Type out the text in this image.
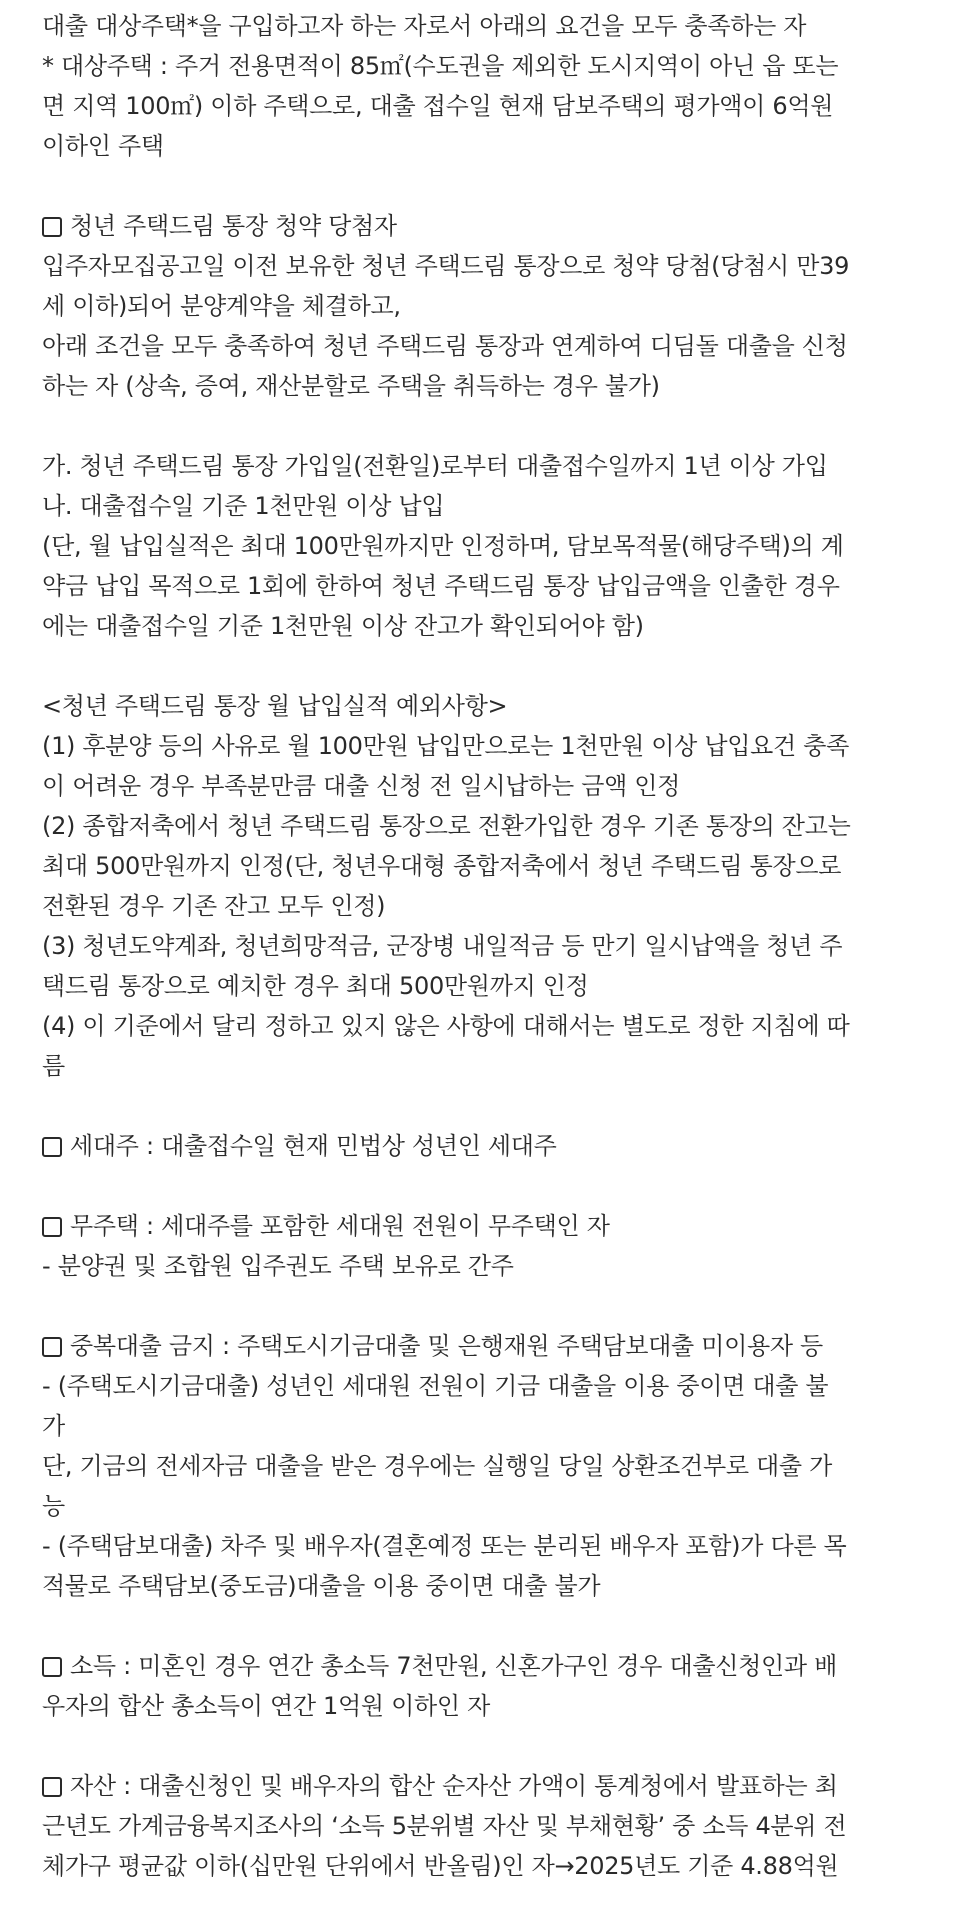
대출 대상주택*을 구입하고자 하는 자로서 아래의 요건을 모두 충족하는 자
* 대상주택 : 주거 전용면적이 85㎡(수도권을 제외한 도시지역이 아닌 읍 또는
면 지역 100㎡) 이하 주택으로, 대출 접수일 현재 담보주택의 평가액이 6억원
이하인 주택
청년 주택드림 통장 청약 당첨자
입주자모집공고일 이전 보유한 청년 주택드림 통장으로 청약 당첨(당첨시 만39
세 이하)되어 분양계약을 체결하고,
아래 조건을 모두 충족하여 청년 주택드림 통장과 연계하여 디딤돌 대출을 신청
하는 자 (상속, 증여, 재산분할로 주택을 취득하는 경우 불가)
가. 청년 주택드림 통장 가입일(전환일)로부터 대출접수일까지 1년 이상 가입
나. 대출접수일 기준 1천만원 이상 납입
(단, 월 납입실적은 최대 100만원까지만 인정하며, 담보목적물(해당주택)의 계
약금 납입 목적으로 1회에 한하여 청년 주택드림 통장 납입금액을 인출한 경우
에는 대출접수일 기준 1천만원 이상 잔고가 확인되어야 함)
<청년 주택드림 통장 월 납입실적 예외사항>
(1) 후분양 등의 사유로 월 100만원 납입만으로는 1천만원 이상 납입요건 충족
이 어려운 경우 부족분만큼 대출 신청 전 일시납하는 금액 인정
(2) 종합저축에서 청년 주택드림 통장으로 전환가입한 경우 기존 통장의 잔고는
최대 500만원까지 인정(단, 청년우대형 종합저축에서 청년 주택드림 통장으로
전환된 경우 기존 잔고 모두 인정)
(3) 청년도약계좌, 청년희망적금, 군장병 내일적금 등 만기 일시납액을 청년 주
택드림 통장으로 예치한 경우 최대 500만원까지 인정
(4) 이 기준에서 달리 정하고 있지 않은 사항에 대해서는 별도로 정한 지침에 따
름
세대주 : 대출접수일 현재 민법상 성년인 세대주
무주택 : 세대주를 포함한 세대원 전원이 무주택인 자
- 분양권 및 조합원 입주권도 주택 보유로 간주
중복대출 금지 : 주택도시기금대출 및 은행재원 주택담보대출 미이용자 등
- (주택도시기금대출) 성년인 세대원 전원이 기금 대출을 이용 중이면 대출 불
가
단, 기금의 전세자금 대출을 받은 경우에는 실행일 당일 상환조건부로 대출 가
능
- (주택담보대출) 차주 및 배우자(결혼예정 또는 분리된 배우자 포함)가 다른 목
적물로 주택담보(중도금)대출을 이용 중이면 대출 불가
소득 : 미혼인 경우 연간 총소득 7천만원, 신혼가구인 경우 대출신청인과 배
우자의 합산 총소득이 연간 1억원 이하인 자
자산 : 대출신청인 및 배우자의 합산 순자산 가액이 통계청에서 발표하는 최
근년도 가계금융복지조사의 ‘소득 5분위별 자산 및 부채현황’ 중 소득 4분위 전
체가구 평균값 이하(십만원 단위에서 반올림)인 자→2025년도 기준 4.88억원
